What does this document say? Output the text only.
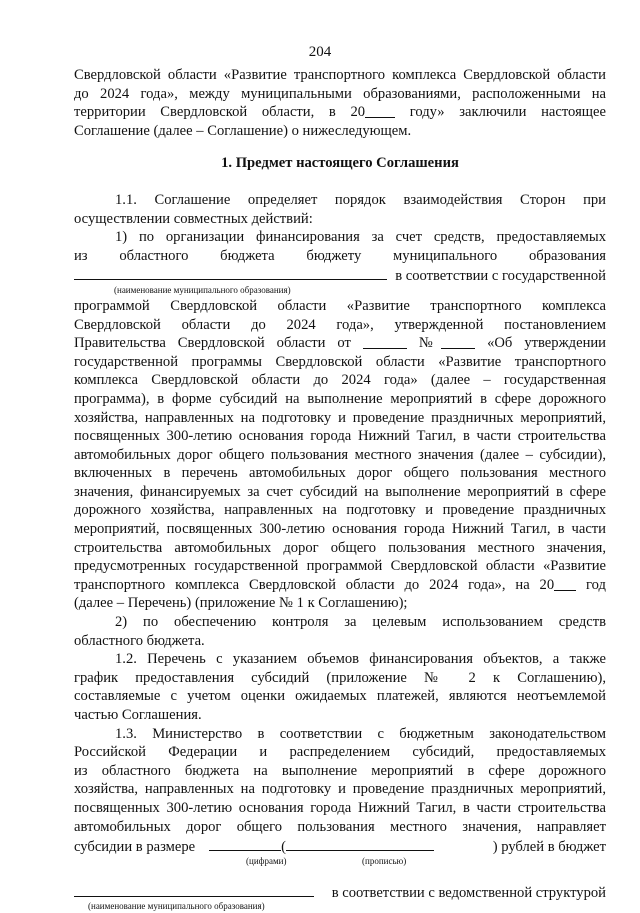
204
Свердловской области «Развитие транспортного комплекса Свердловской области
до 2024 года», между муниципальными образованиями, расположенными на
территории Свердловской области, в 20	году» заключили настоящее
Соглашение (далее – Соглашение) о нижеследующем.
1. Предмет настоящего Соглашения
1.1. Соглашение определяет порядок взаимодействия Сторон при
осуществлении совместных действий:
1) по организации финансирования за счет средств, предоставляемых
из областного бюджета бюджету муниципального образования
в соответствии с государственной
(наименование муниципального образования)
программой Свердловской области «Развитие транспортного комплекса
Свердловской области до 2024 года», утвержденной постановлением
Правительства Свердловской области от	№	«Об утверждении
государственной программы Свердловской области «Развитие транспортного
комплекса Свердловской области до 2024 года» (далее – государственная
программа), в форме субсидий на выполнение мероприятий в сфере дорожного
хозяйства, направленных на подготовку и проведение праздничных мероприятий,
посвященных 300-летию основания города Нижний Тагил, в части строительства
автомобильных дорог общего пользования местного значения (далее – субсидии),
включенных в перечень автомобильных дорог общего пользования местного
значения, финансируемых за счет субсидий на выполнение мероприятий в сфере
дорожного хозяйства, направленных на подготовку и проведение праздничных
мероприятий, посвященных 300-летию основания города Нижний Тагил, в части
строительства автомобильных дорог общего пользования местного значения,
предусмотренных государственной программой Свердловской области «Развитие
транспортного комплекса Свердловской области до 2024 года», на 20 год
(далее – Перечень) (приложение № 1 к Соглашению);
2) по обеспечению контроля за целевым использованием средств
областного бюджета.
1.2. Перечень с указанием объемов финансирования объектов, а также
график предоставления субсидий (приложение № 2 к Соглашению),
составляемые с учетом оценки ожидаемых платежей, являются неотъемлемой
частью Соглашения.
1.3. Министерство в соответствии с бюджетным законодательством
Российской Федерации и распределением субсидий, предоставляемых
из областного бюджета на выполнение мероприятий в сфере дорожного
хозяйства, направленных на подготовку и проведение праздничных мероприятий,
посвященных 300-летию основания города Нижний Тагил, в части строительства
автомобильных дорог общего пользования местного значения, направляет
субсидии в размере	(	) рублей в бюджет
(цифрами)	(прописью)
в соответствии с ведомственной структурой
(наименование муниципального образования)
